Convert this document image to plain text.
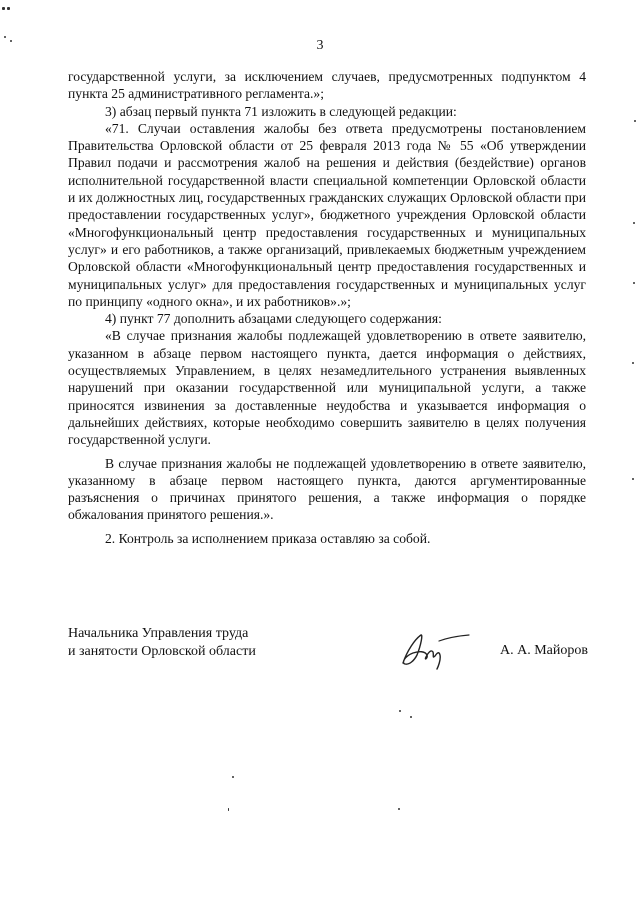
3

государственной услуги, за исключением случаев, предусмотренных подпунктом 4 пункта 25 административного регламента.»;

3) абзац первый пункта 71 изложить в следующей редакции:

«71. Случаи оставления жалобы без ответа предусмотрены постановлением Правительства Орловской области от 25 февраля 2013 года № 55 «Об утверждении Правил подачи и рассмотрения жалоб на решения и действия (бездействие) органов исполнительной государственной власти специальной компетенции Орловской области и их должностных лиц, государственных гражданских служащих Орловской области при предоставлении государственных услуг», бюджетного учреждения Орловской области «Многофункциональный центр предоставления государственных и муниципальных услуг» и его работников, а также организаций, привлекаемых бюджетным учреждением Орловской области «Многофункциональный центр предоставления государственных и муниципальных услуг» для предоставления государственных и муниципальных услуг по принципу «одного окна», и их работников».»;

4) пункт 77 дополнить абзацами следующего содержания:

«В случае признания жалобы подлежащей удовлетворению в ответе заявителю, указанном в абзаце первом настоящего пункта, дается информация о действиях, осуществляемых Управлением, в целях незамедлительного устранения выявленных нарушений при оказании государственной или муниципальной услуги, а также приносятся извинения за доставленные неудобства и указывается информация о дальнейших действиях, которые необходимо совершить заявителю в целях получения государственной услуги.

В случае признания жалобы не подлежащей удовлетворению в ответе заявителю, указанному в абзаце первом настоящего пункта, даются аргументированные разъяснения о причинах принятого решения, а также информация о порядке обжалования принятого решения.».

2. Контроль за исполнением приказа оставляю за собой.

Начальника Управления труда
и занятости Орловской области	А. А. Майоров
